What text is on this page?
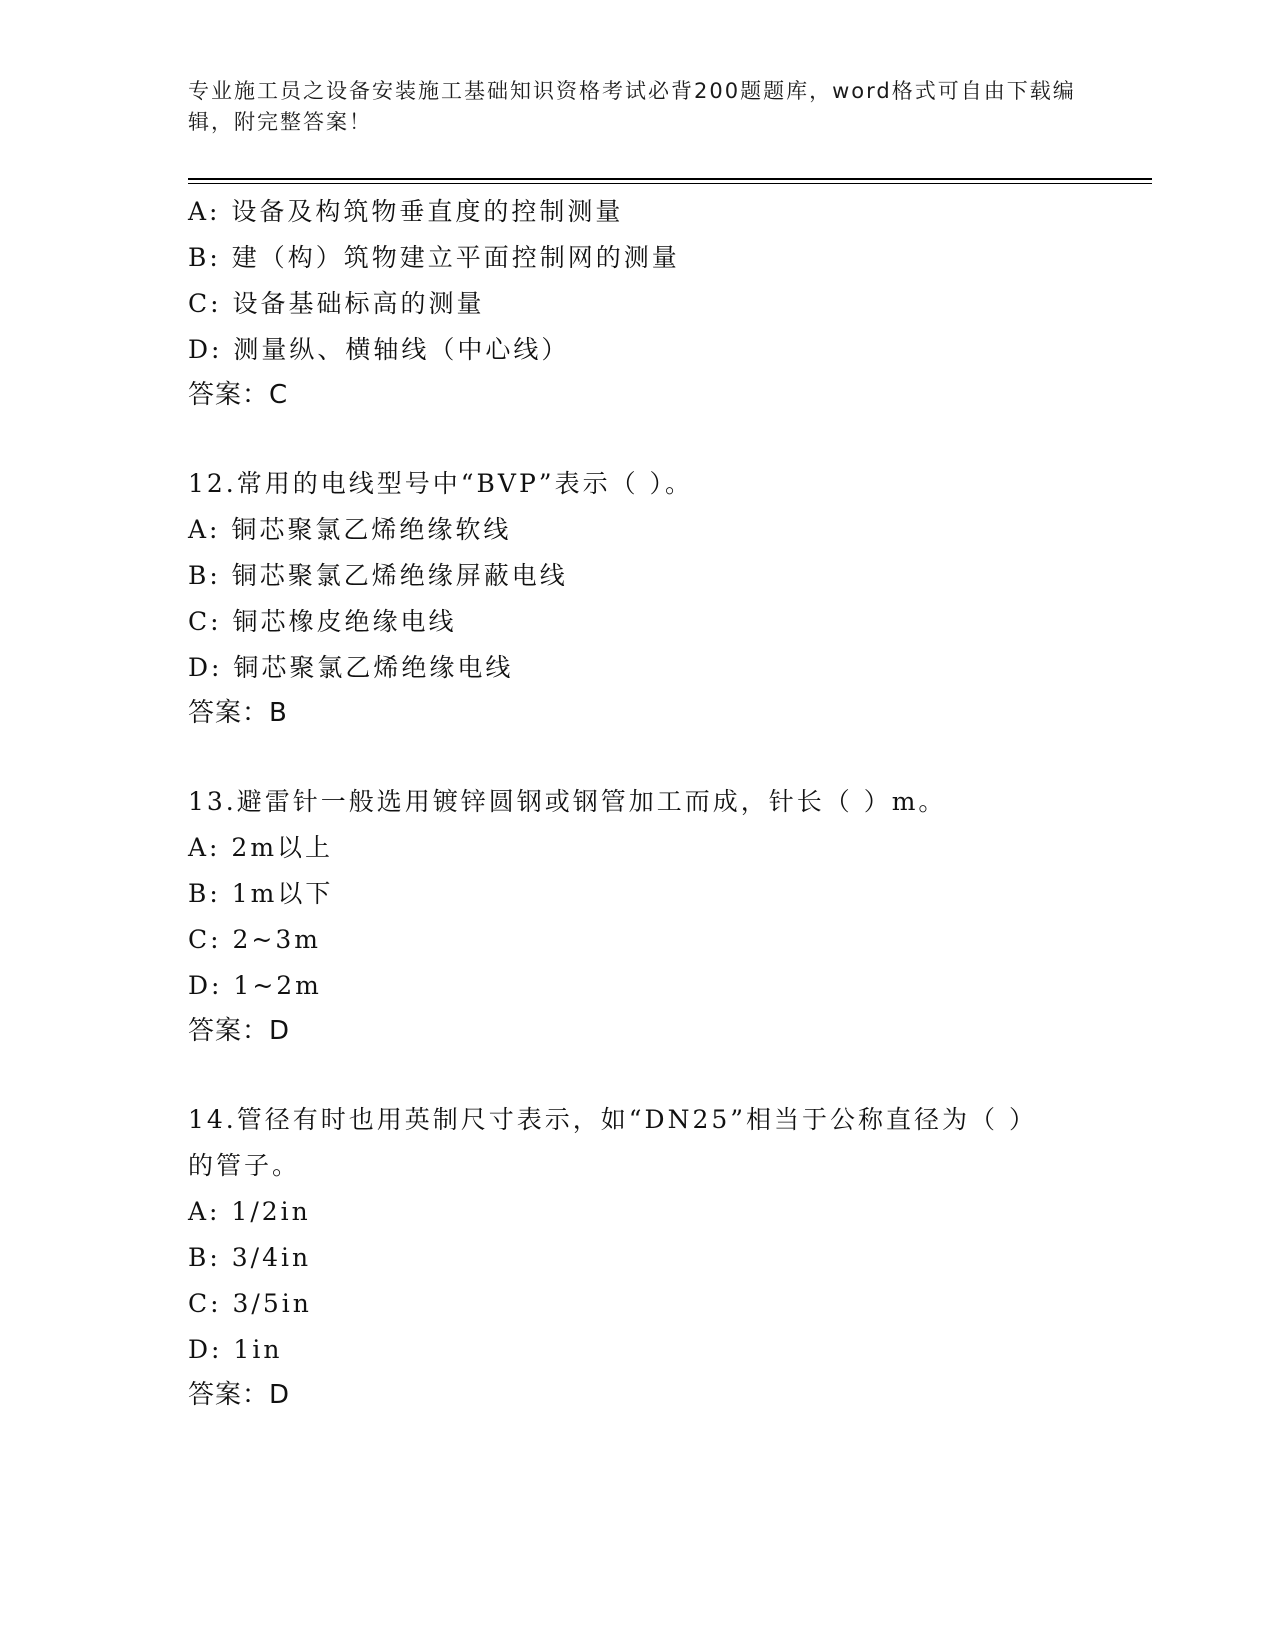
专业施工员之设备安装施工基础知识资格考试必背200题题库，word格式可自由下载编辑，附完整答案！
A: 设备及构筑物垂直度的控制测量
B: 建（构）筑物建立平面控制网的测量
C: 设备基础标高的测量
D: 测量纵、横轴线（中心线）
答案：C
12.常用的电线型号中“BVP”表示（ ）。
A: 铜芯聚氯乙烯绝缘软线
B: 铜芯聚氯乙烯绝缘屏蔽电线
C: 铜芯橡皮绝缘电线
D: 铜芯聚氯乙烯绝缘电线
答案：B
13.避雷针一般选用镀锌圆钢或钢管加工而成，针长（ ）m。
A: 2m以上
B: 1m以下
C: 2~3m
D: 1~2m
答案：D
14.管径有时也用英制尺寸表示，如“DN25”相当于公称直径为（ ）的管子。
A: 1/2in
B: 3/4in
C: 3/5in
D: 1in
答案：D
